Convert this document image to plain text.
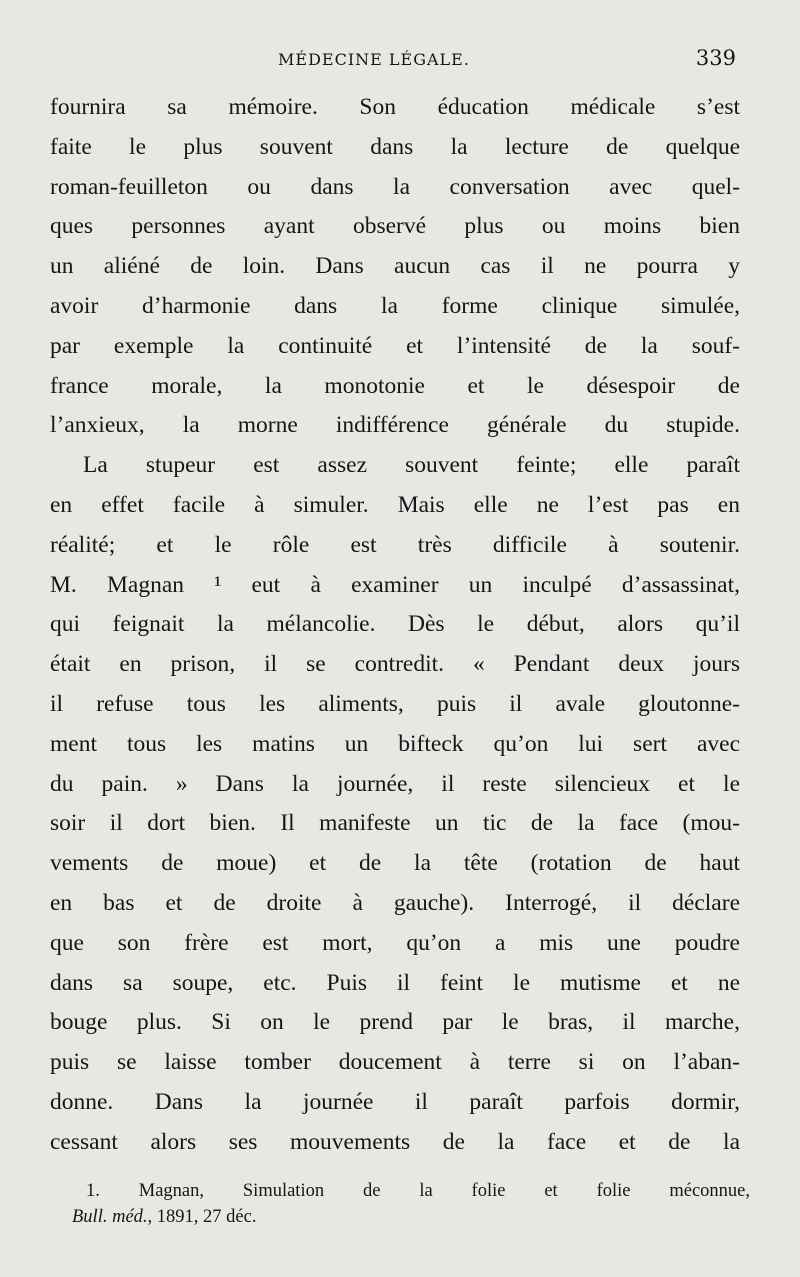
MÉDECINE LÉGALE.	339
fournira sa mémoire. Son éducation médicale s’est
faite le plus souvent dans la lecture de quelque
roman-feuilleton ou dans la conversation avec quel-
ques personnes ayant observé plus ou moins bien
un aliéné de loin. Dans aucun cas il ne pourra y
avoir d’harmonie dans la forme clinique simulée,
par exemple la continuité et l’intensité de la souf-
france morale, la monotonie et le désespoir de
l’anxieux, la morne indifférence générale du stupide.
La stupeur est assez souvent feinte; elle paraît
en effet facile à simuler. Mais elle ne l’est pas en
réalité; et le rôle est très difficile à soutenir.
M. Magnan ¹ eut à examiner un inculpé d’assassinat,
qui feignait la mélancolie. Dès le début, alors qu’il
était en prison, il se contredit. « Pendant deux jours
il refuse tous les aliments, puis il avale gloutonne-
ment tous les matins un bifteck qu’on lui sert avec
du pain. » Dans la journée, il reste silencieux et le
soir il dort bien. Il manifeste un tic de la face (mou-
vements de moue) et de la tête (rotation de haut
en bas et de droite à gauche). Interrogé, il déclare
que son frère est mort, qu’on a mis une poudre
dans sa soupe, etc. Puis il feint le mutisme et ne
bouge plus. Si on le prend par le bras, il marche,
puis se laisse tomber doucement à terre si on l’aban-
donne. Dans la journée il paraît parfois dormir,
cessant alors ses mouvements de la face et de la
1. Magnan, Simulation de la folie et folie méconnue,
Bull. méd., 1891, 27 déc.
